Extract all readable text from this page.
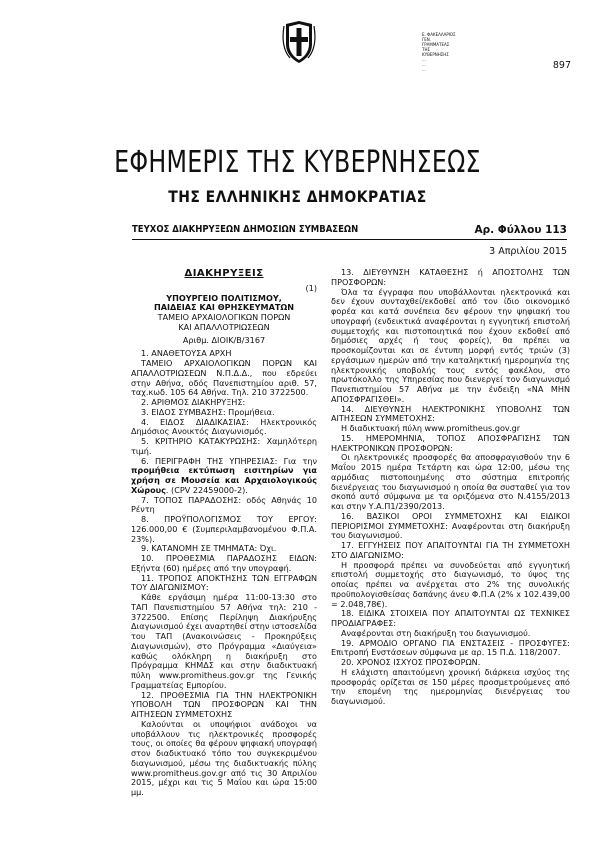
897
Ε. ΦΑΚΕΛΛΑΡΙΟΣ
ΓΕΝ. ΓΡΑΜΜΑΤΕΑΣ
ΤΗΣ
ΚΥΒΕΡΝΗΣΗΣ
...
...
...
ΕΦΗΜΕΡΙΣ ΤΗΣ ΚΥΒΕΡΝΗΣΕΩΣ
ΤΗΣ ΕΛΛΗΝΙΚΗΣ ΔΗΜΟΚΡΑΤΙΑΣ
ΤΕΥΧΟΣ ΔΙΑΚΗΡΥΞΕΩΝ ΔΗΜΟΣΙΩΝ ΣΥΜΒΑΣΕΩΝ	Αρ. Φύλλου 113
3 Απριλίου 2015

ΔΙΑΚΗΡΥΞΕΙΣ

(1)

ΥΠΟΥΡΓΕΙΟ ΠΟΛΙΤΙΣΜΟΥ,

ΠΑΙΔΕΙΑΣ ΚΑΙ ΘΡΗΣΚΕΥΜΑΤΩΝ

ΤΑΜΕΙΟ ΑΡΧΑΙΟΛΟΓΙΚΩΝ ΠΟΡΩΝ

ΚΑΙ ΑΠΑΛΛΟΤΡΙΩΣΕΩΝ

Αριθμ. ΔΙΟΙΚ/Β/3167

1. ΑΝΑΘΕΤΟΥΣΑ ΑΡΧΗ

ΤΑΜΕΙΟ ΑΡΧΑΙΟΛΟΓΙΚΩΝ ΠΟΡΩΝ ΚΑΙ ΑΠΑΛΛΟΤΡΙΩΣΕΩΝ Ν.Π.Δ.Δ., που εδρεύει στην Αθήνα, οδός Πανεπιστημίου αριθ. 57, ταχ.κωδ. 105 64 Αθήνα. Τηλ. 210 3722500.

2. ΑΡΙΘΜΟΣ ΔΙΑΚΗΡΥΞΗΣ:

3. ΕΙΔΟΣ ΣΥΜΒΑΣΗΣ: Προμήθεια.

4. ΕΙΔΟΣ ΔΙΑΔΙΚΑΣΙΑΣ: Ηλεκτρονικός Δημόσιος Ανοικτός Διαγωνισμός.

5. ΚΡΙΤΗΡΙΟ ΚΑΤΑΚΥΡΩΣΗΣ: Χαμηλότερη τιμή.

6. ΠΕΡΙΓΡΑΦΗ ΤΗΣ ΥΠΗΡΕΣΙΑΣ: Για την προμήθεια εκτύπωση εισιτηρίων για χρήση σε Μουσεία και Αρχαιολογικούς Χώρους. (CPV 22459000-2).

7. ΤΟΠΟΣ ΠΑΡΑΔΟΣΗΣ: οδός Αθηνάς 10 Ρέντη

8. ΠΡΟΫΠΟΛΟΓΙΣΜΟΣ ΤΟΥ ΕΡΓΟΥ: 126.000,00 € (Συμπεριλαμβανομένου Φ.Π.Α. 23%).

9. ΚΑΤΑΝΟΜΗ ΣΕ ΤΜΗΜΑΤΑ: Όχι.

10. ΠΡΟΘΕΣΜΙΑ ΠΑΡΑΔΟΣΗΣ ΕΙΔΩΝ: Εξήντα (60) ημέρες από την υπογραφή.

11. ΤΡΟΠΟΣ ΑΠΟΚΤΗΣΗΣ ΤΩΝ ΕΓΓΡΑΦΩΝ ΤΟΥ ΔΙΑΓΩΝΙΣΜΟΥ:

Κάθε εργάσιμη ημέρα 11:00-13:30 στο ΤΑΠ Πανεπιστημίου 57 Αθήνα τηλ: 210 - 3722500. Επίσης Περίληψη Διακήρυξης Διαγωνισμού έχει αναρτηθεί στην ιστοσελίδα του ΤΑΠ (Ανακοινώσεις - Προκηρύξεις Διαγωνισμών), στο Πρόγραμμα «Διαύγεια» καθώς ολόκληρη η διακήρυξη στο Πρόγραμμα ΚΗΜΔΣ και στην διαδικτυακή πύλη www.promitheus.gov.gr της Γενικής Γραμματείας Εμπορίου.

12. ΠΡΟΘΕΣΜΙΑ ΓΙΑ ΤΗΝ ΗΛΕΚΤΡΟΝΙΚΗ ΥΠΟΒΟΛΗ ΤΩΝ ΠΡΟΣΦΟΡΩΝ ΚΑΙ ΤΗΝ ΑΙΤΗΣΕΩΝ ΣΥΜΜΕΤΟΧΗΣ

Καλούνται οι υποψήφιοι ανάδοχοι να υποβάλλουν τις ηλεκτρονικές προσφορές τους, οι οποίες θα φέρουν ψηφιακή υπογραφή στον διαδικτυακό τόπο του συγκεκριμένου διαγωνισμού, μέσω της διαδικτυακής πύλης www.promitheus.gov.gr από τις 30 Απριλίου 2015, μέχρι και τις 5 Μαΐου και ώρα 15:00 μμ.

13. ΔΙΕΥΘΥΝΣΗ ΚΑΤΑΘΕΣΗΣ ή ΑΠΟΣΤΟΛΗΣ ΤΩΝ ΠΡΟΣΦΟΡΩΝ:

Όλα τα έγγραφα που υποβάλλονται ηλεκτρονικά και δεν έχουν συνταχθεί/εκδοθεί από τον ίδιο οικονομικό φορέα και κατά συνέπεια δεν φέρουν την ψηφιακή του υπογραφή (ενδεικτικά αναφέρονται η εγγυητική επιστολή συμμετοχής και πιστοποιητικά που έχουν εκδοθεί από δημόσιες αρχές ή τους φορείς), θα πρέπει να προσκομίζονται και σε έντυπη μορφή εντός τριών (3) εργάσιμων ημερών από την καταληκτική ημερομηνία της ηλεκτρονικής υποβολής τους εντός φακέλου, στο πρωτόκολλο της Υπηρεσίας που διενεργεί τον διαγωνισμό Πανεπιστημίου 57 Αθήνα με την ένδειξη «ΝΑ ΜΗΝ ΑΠΟΣΦΡΑΓΙΣΘΕΙ».

14. ΔΙΕΥΘΥΝΣΗ ΗΛΕΚΤΡΟΝΙΚΗΣ ΥΠΟΒΟΛΗΣ ΤΩΝ ΑΙΤΗΣΕΩΝ ΣΥΜΜΕΤΟΧΗΣ:

Η διαδικτυακή πύλη www.promitheus.gov.gr

15. ΗΜΕΡΟΜΗΝΙΑ, ΤΟΠΟΣ ΑΠΟΣΦΡΑΓΙΣΗΣ ΤΩΝ ΗΛΕΚΤΡΟΝΙΚΩΝ ΠΡΟΣΦΟΡΩΝ:

Οι ηλεκτρονικές προσφορές θα αποσφραγισθούν την 6 Μαΐου 2015 ημέρα Τετάρτη και ώρα 12:00, μέσω της αρμόδιας πιστοποιημένης στο σύστημα επιτροπής διενέργειας του διαγωνισμού η οποία θα συσταθεί για τον σκοπό αυτό σύμφωνα με τα οριζόμενα στο Ν.4155/2013 και στην Υ.Α.Π1/2390/2013.

16. ΒΑΣΙΚΟΙ ΟΡΟΙ ΣΥΜΜΕΤΟΧΗΣ ΚΑΙ ΕΙΔΙΚΟΙ ΠΕΡΙΟΡΙΣΜΟΙ ΣΥΜΜΕΤΟΧΗΣ: Αναφέρονται στη διακήρυξη του διαγωνισμού.

17. ΕΓΓΥΗΣΕΙΣ ΠΟΥ ΑΠΑΙΤΟΥΝΤΑΙ ΓΙΑ ΤΗ ΣΥΜΜΕΤΟΧΗ ΣΤΟ ΔΙΑΓΩΝΙΣΜΟ:

Η προσφορά πρέπει να συνοδεύεται από εγγυητική επιστολή συμμετοχής στο διαγωνισμό, το ύψος της οποίας πρέπει να ανέρχεται στο 2% της συνολικής προϋπολογισθείσας δαπάνης άνευ Φ.Π.Α (2% x 102.439,00 = 2.048,78€).

18. ΕΙΔΙΚΑ ΣΤΟΙΧΕΙΑ ΠΟΥ ΑΠΑΙΤΟΥΝΤΑΙ ΩΣ ΤΕΧΝΙΚΕΣ ΠΡΟΔΙΑΓΡΑΦΕΣ:

Αναφέρονται στη διακήρυξη του διαγωνισμού.

19. ΑΡΜΟΔΙΟ ΟΡΓΑΝΟ ΓΙΑ ΕΝΣΤΑΣΕΙΣ - ΠΡΟΣΦΥΓΕΣ: Επιτροπή Ενστάσεων σύμφωνα με αρ. 15 Π.Δ. 118/2007.

20. ΧΡΟΝΟΣ ΙΣΧΥΟΣ ΠΡΟΣΦΟΡΩΝ.

Η ελάχιστη απαιτούμενη χρονική διάρκεια ισχύος της προσφοράς ορίζεται σε 150 μέρες προσμετρούμενες από την επομένη της ημερομηνίας διενέργειας του διαγωνισμού.
